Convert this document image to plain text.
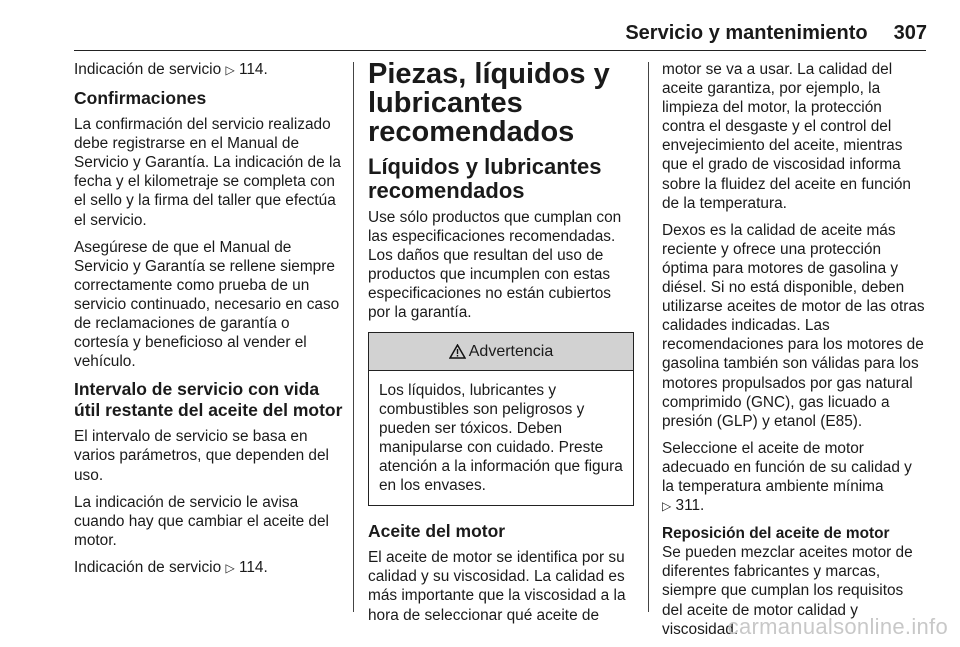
Servicio y mantenimiento 307

Indicación de servicio ▷ 114.

Confirmaciones

La confirmación del servicio realizado debe registrarse en el Manual de Servicio y Garantía. La indicación de la fecha y el kilometraje se completa con el sello y la firma del taller que efectúa el servicio.

Asegúrese de que el Manual de Servicio y Garantía se rellene siempre correctamente como prueba de un servicio continuado, necesario en caso de reclamaciones de garantía o cortesía y beneficioso al vender el vehículo.

Intervalo de servicio con vida útil restante del aceite del motor

El intervalo de servicio se basa en varios parámetros, que dependen del uso.

La indicación de servicio le avisa cuando hay que cambiar el aceite del motor.

Indicación de servicio ▷ 114.

Piezas, líquidos y lubricantes recomendados
Líquidos y lubricantes recomendados

Use sólo productos que cumplan con las especificaciones recomendadas. Los daños que resultan del uso de productos que incumplen con estas especificaciones no están cubiertos por la garantía.

Advertencia
Los líquidos, lubricantes y combustibles son peligrosos y pueden ser tóxicos. Deben manipularse con cuidado. Preste atención a la información que figura en los envases.
Aceite del motor

El aceite de motor se identifica por su calidad y su viscosidad. La calidad es más importante que la viscosidad a la hora de seleccionar qué aceite de

motor se va a usar. La calidad del aceite garantiza, por ejemplo, la limpieza del motor, la protección contra el desgaste y el control del envejecimiento del aceite, mientras que el grado de viscosidad informa sobre la fluidez del aceite en función de la temperatura.

Dexos es la calidad de aceite más reciente y ofrece una protección óptima para motores de gasolina y diésel. Si no está disponible, deben utilizarse aceites de motor de las otras calidades indicadas. Las recomendaciones para los motores de gasolina también son válidas para los motores propulsados por gas natural comprimido (GNC), gas licuado a presión (GLP) y etanol (E85).

Seleccione el aceite de motor adecuado en función de su calidad y la temperatura ambiente mínima
▷ 311.

Reposición del aceite de motor

Se pueden mezclar aceites motor de diferentes fabricantes y marcas, siempre que cumplan los requisitos del aceite de motor calidad y viscosidad.

carmanualsonline.info
